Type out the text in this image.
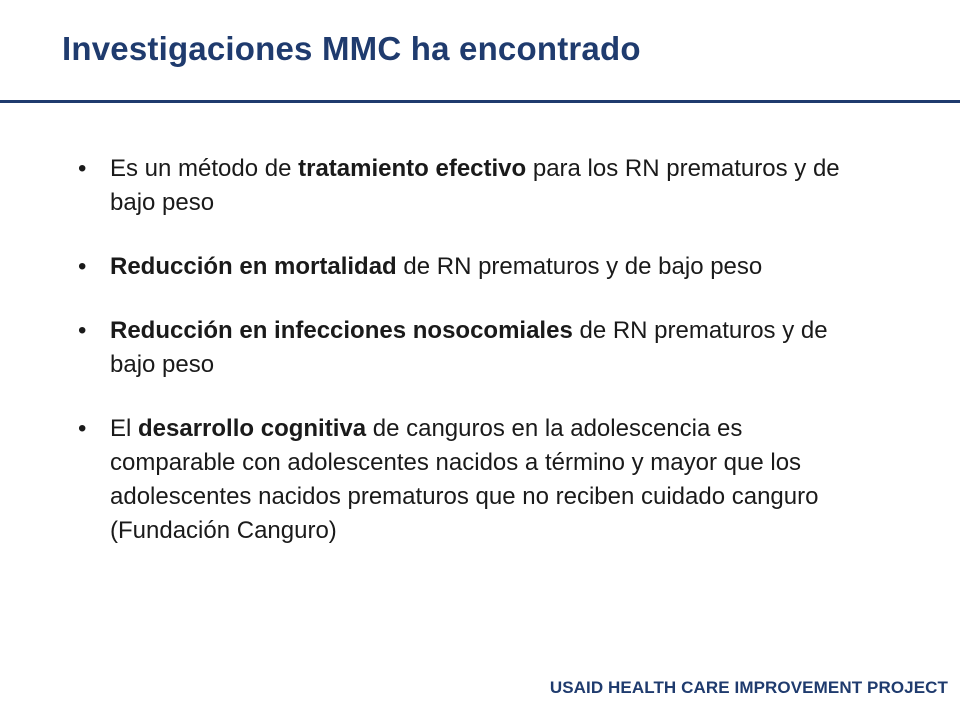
Investigaciones MMC ha encontrado
• Es un método de tratamiento efectivo para los RN prematuros y de bajo peso
• Reducción en mortalidad de RN prematuros y de bajo peso
• Reducción en infecciones nosocomiales de RN prematuros y de bajo peso
• El desarrollo cognitiva de canguros en la adolescencia es comparable con adolescentes nacidos a término y mayor que los adolescentes nacidos prematuros que no reciben cuidado canguro (Fundación Canguro)
USAID HEALTH CARE IMPROVEMENT PROJECT
